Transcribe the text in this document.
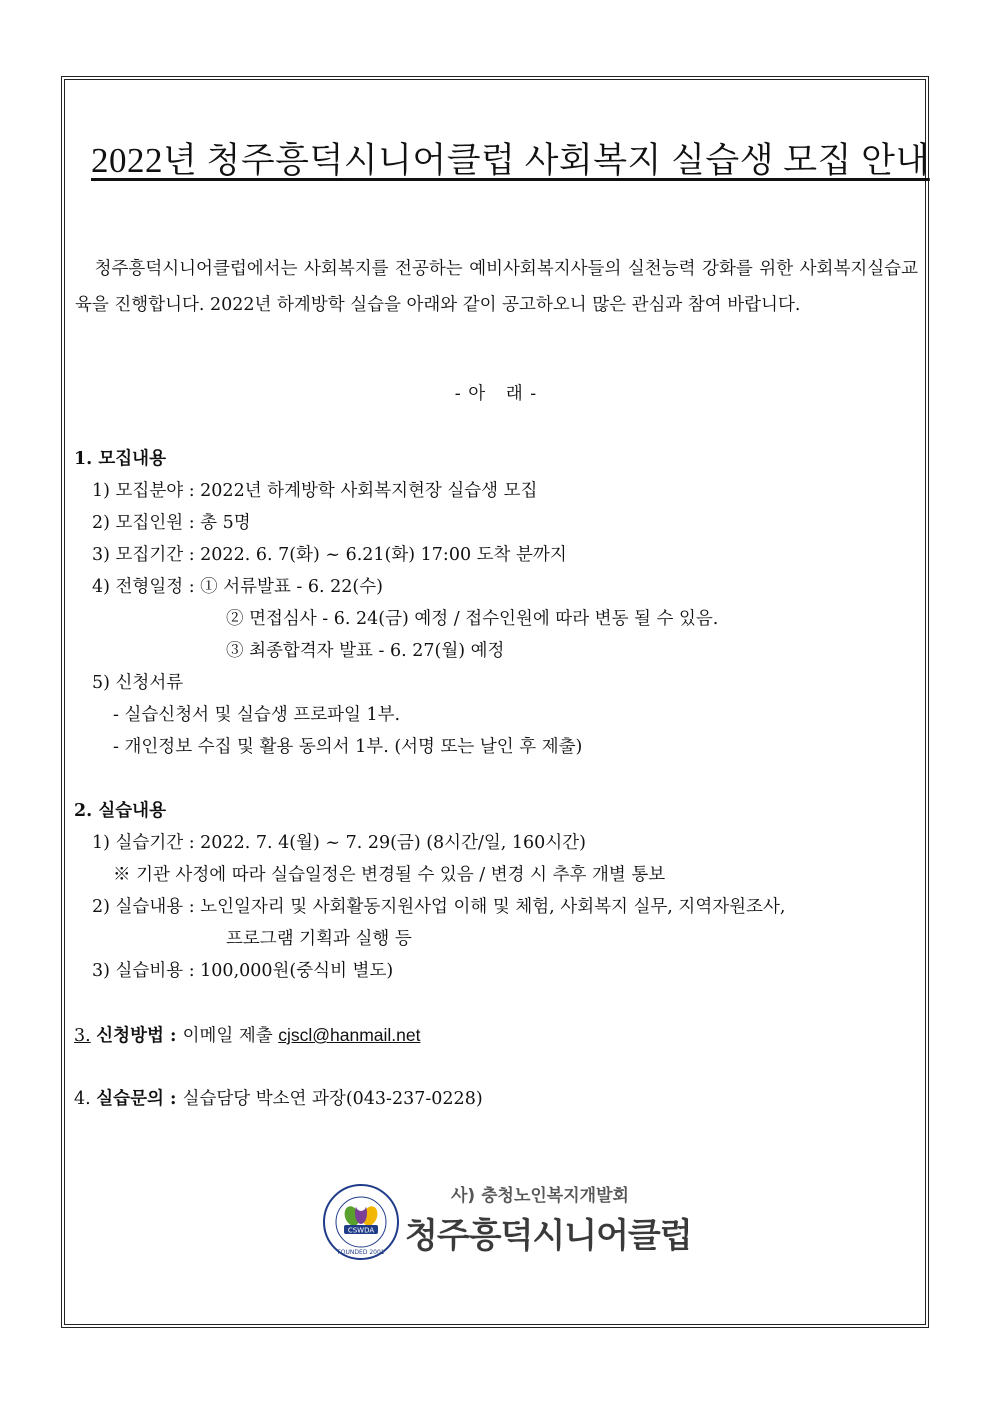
2022년 청주흥덕시니어클럽 사회복지 실습생 모집 안내

청주흥덕시니어클럽에서는 사회복지를 전공하는 예비사회복지사들의 실천능력 강화를 위한 사회복지실습교육을 진행합니다. 2022년 하계방학 실습을 아래와 같이 공고하오니 많은 관심과 참여 바랍니다.

- 아   래 -
1. 모집내용
1) 모집분야 : 2022년 하계방학 사회복지현장 실습생 모집
2) 모집인원 : 총 5명
3) 모집기간 : 2022. 6. 7(화) ~ 6.21(화) 17:00 도착 분까지
4) 전형일정 : ① 서류발표 - 6. 22(수)
② 면접심사 - 6. 24(금) 예정 / 접수인원에 따라 변동 될 수 있음.
③ 최종합격자 발표 - 6. 27(월) 예정
5) 신청서류
- 실습신청서 및 실습생 프로파일 1부.
- 개인정보 수집 및 활용 동의서 1부. (서명 또는 날인 후 제출)
2. 실습내용
1) 실습기간 : 2022. 7. 4(월) ~ 7. 29(금) (8시간/일, 160시간)
※ 기관 사정에 따라 실습일정은 변경될 수 있음 / 변경 시 추후 개별 통보
2) 실습내용 : 노인일자리 및 사회활동지원사업 이해 및 체험, 사회복지 실무, 지역자원조사,
프로그램 기획과 실행 등
3) 실습비용 : 100,000원(중식비 별도)
3. 신청방법 : 이메일 제출 cjscl@hanmail.net
4. 실습문의 : 실습담당 박소연 과장(043-237-0228)
CSWDA
FOUNDED 2001
사) 충청노인복지개발회
청주흥덕시니어클럽
